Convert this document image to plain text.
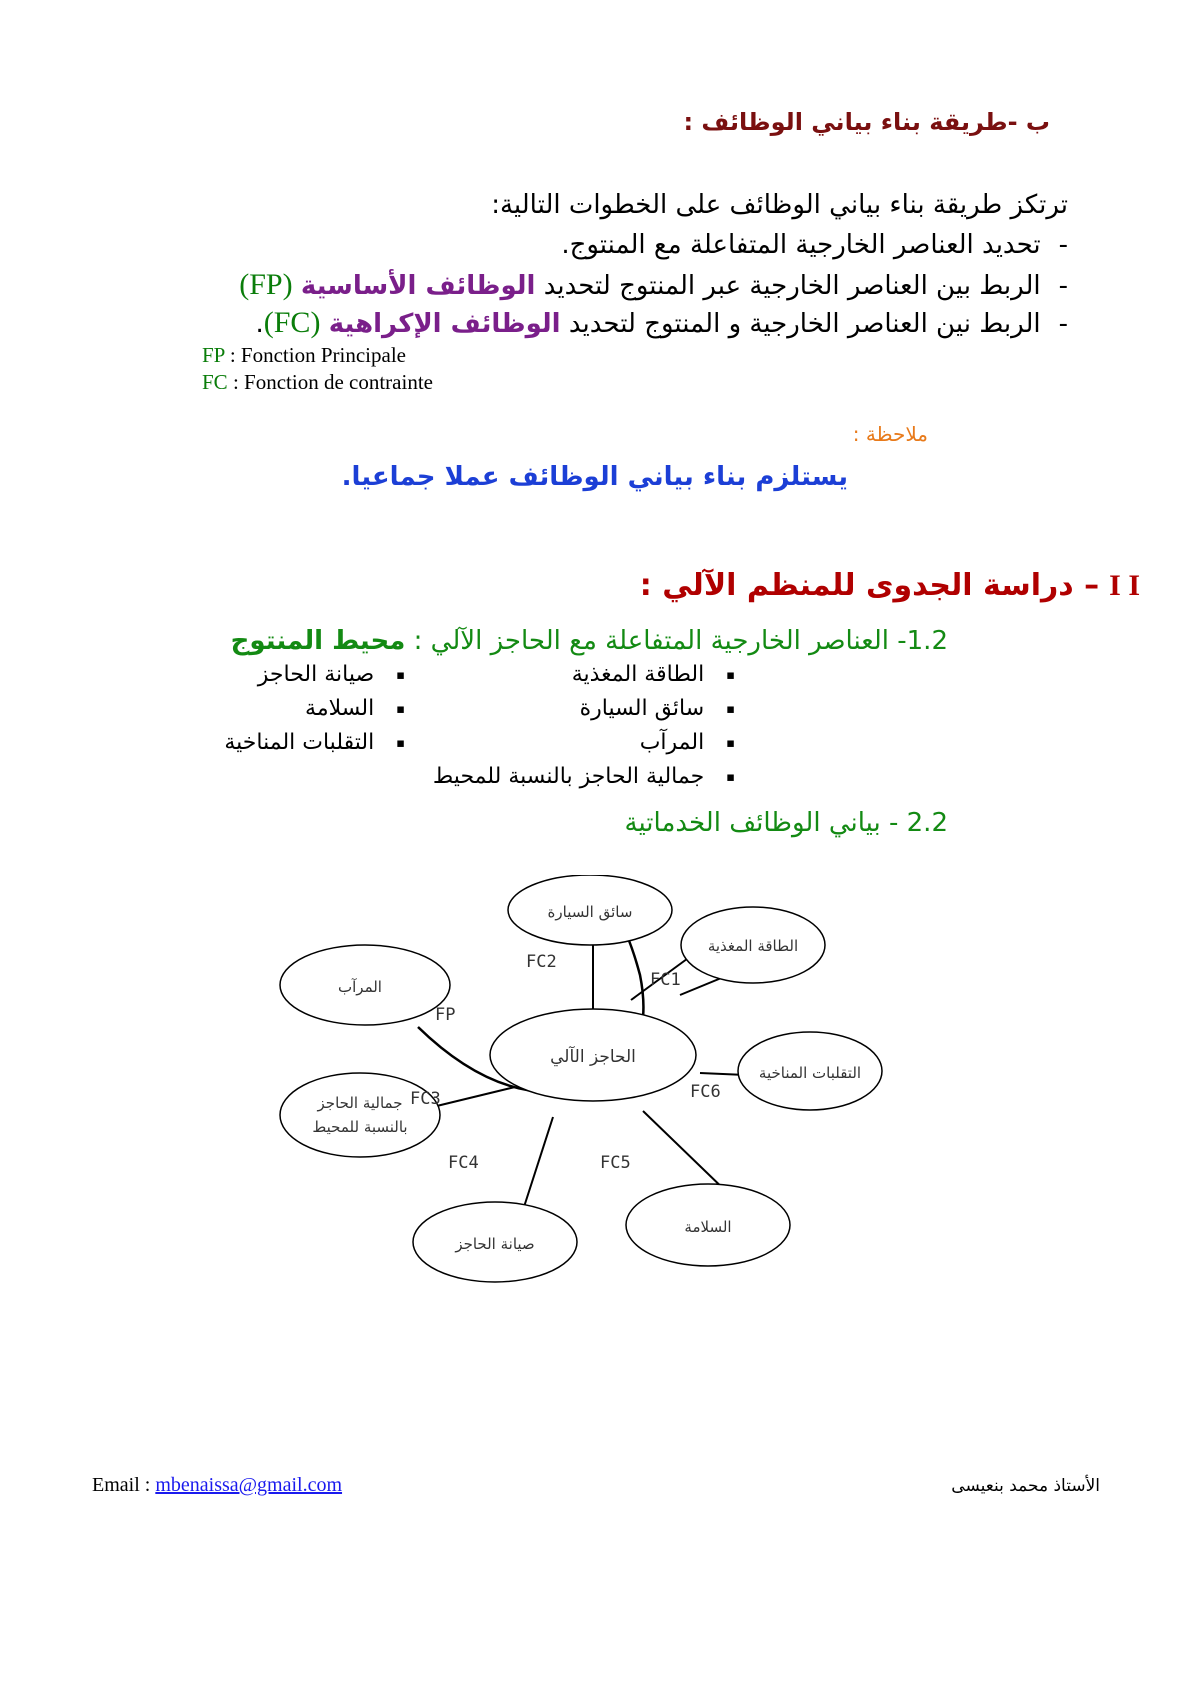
ب -طريقة بناء بياني الوظائف :
ترتكز طريقة بناء بياني الوظائف على الخطوات التالية:
-تحديد العناصر الخارجية المتفاعلة مع المنتوج.
-الربط بين العناصر الخارجية عبر المنتوج لتحديد الوظائف الأساسية (FP)
-الربط نين العناصر الخارجية و المنتوج لتحديد الوظائف الإكراهية (FC).
FP : Fonction Principale
FC : Fonction de contrainte
ملاحظة :
يستلزم بناء بياني الوظائف عملا جماعيا.
I I– دراسة الجدوى للمنظم الآلي :
1.2- العناصر الخارجية المتفاعلة مع الحاجز الآلي : محيط المنتوج
▪الطاقة المغذية
▪سائق السيارة
▪المرآب
▪جمالية الحاجز بالنسبة للمحيط
▪صيانة الحاجز
▪السلامة
▪التقلبات المناخية
2.2 - بياني الوظائف الخدماتية
الحاجز الآلي
سائق السيارة
الطاقة المغذية
المرآب
التقلبات المناخية
جمالية الحاجز
بالنسبة للمحيط
صيانة الحاجز
السلامة
FP
FC1
FC2
FC3
FC4	FC5
FC6
Email : mbenaissa@gmail.com	الأستاذ محمد بنعيسى
